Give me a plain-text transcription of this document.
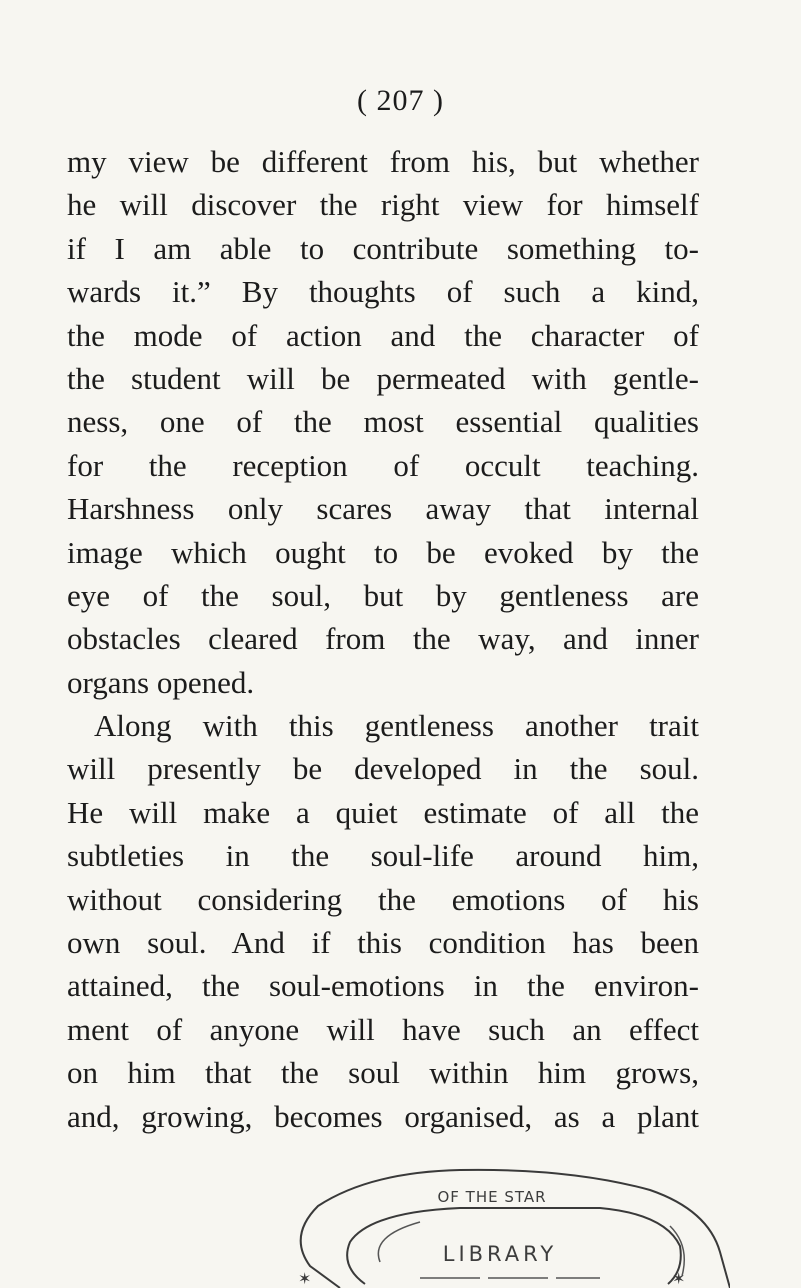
( 207 )
my view be different from his, but whether
he will discover the right view for himself
if I am able to contribute something to-
wards it.” By thoughts of such a kind,
the mode of action and the character of
the student will be permeated with gentle-
ness, one of the most essential qualities
for the reception of occult teaching.
Harshness only scares away that internal
image which ought to be evoked by the
eye of the soul, but by gentleness are
obstacles cleared from the way, and inner
organs opened.
Along with this gentleness another trait
will presently be developed in the soul.
He will make a quiet estimate of all the
subtleties in the soul-life around him,
without considering the emotions of his
own soul. And if this condition has been
attained, the soul-emotions in the environ-
ment of anyone will have such an effect
on him that the soul within him grows,
and, growing, becomes organised, as a plant
✶	✶
OF THE STAR
LIBRARY
